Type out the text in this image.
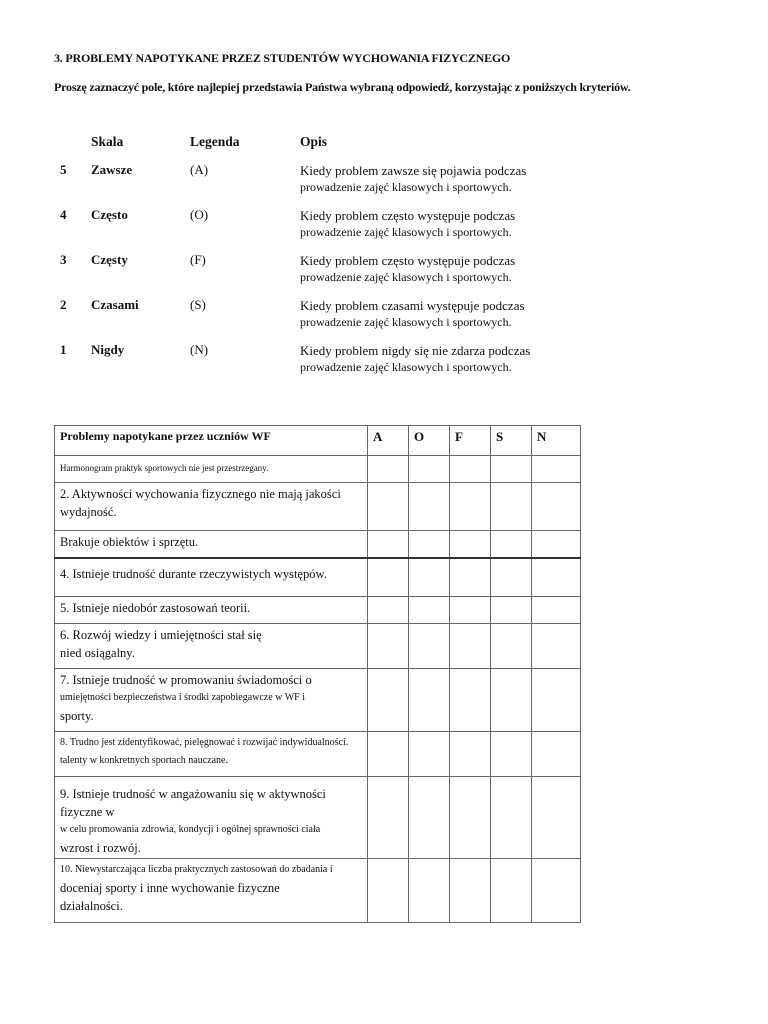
3. PROBLEMY NAPOTYKANE PRZEZ STUDENTÓW WYCHOWANIA FIZYCZNEGO
Proszę zaznaczyć pole, które najlepiej przedstawia Państwa wybraną odpowiedź, korzystając z poniższych kryteriów.
Skala	Legenda	Opis
5 Zawsze	(A)	Kiedy problem zawsze się pojawia podczas
prowadzenie zajęć klasowych i sportowych.
4 Często	(O)	Kiedy problem często występuje podczas
prowadzenie zajęć klasowych i sportowych.
3 Częsty	(F)	Kiedy problem często występuje podczas
prowadzenie zajęć klasowych i sportowych.
2 Czasami	(S)	Kiedy problem czasami występuje podczas
prowadzenie zajęć klasowych i sportowych.
1 Nigdy	(N)	Kiedy problem nigdy się nie zdarza podczas
prowadzenie zajęć klasowych i sportowych.
Problemy napotykane przez uczniów WF	A	O	F	S	N
Harmonogram praktyk sportowych nie jest przestrzegany.					

2. Aktywności wychowania fizycznego nie mają jakości
wydajność.					

Brakuje obiektów i sprzętu.					

4. Istnieje trudność durante rzeczywistych występów.					

5. Istnieje niedobór zastosowań teorii.					

6. Rozwój wiedzy i umiejętności stał się
nied osiągalny.					

7. Istnieje trudność w promowaniu świadomości o
umiejętności bezpieczeństwa i środki zapobiegawcze w WF i
sporty.					

8. Trudno jest zidentyfikować, pielęgnować i rozwijać indywidualności.
talenty w konkretnych sportach nauczane.					

9. Istnieje trudność w angażowaniu się w aktywności fizyczne w
w celu promowania zdrowia, kondycji i ogólnej sprawności ciała
wzrost i rozwój.					

10. Niewystarczająca liczba praktycznych zastosowań do zbadania i
doceniaj sporty i inne wychowanie fizyczne
działalności.					
